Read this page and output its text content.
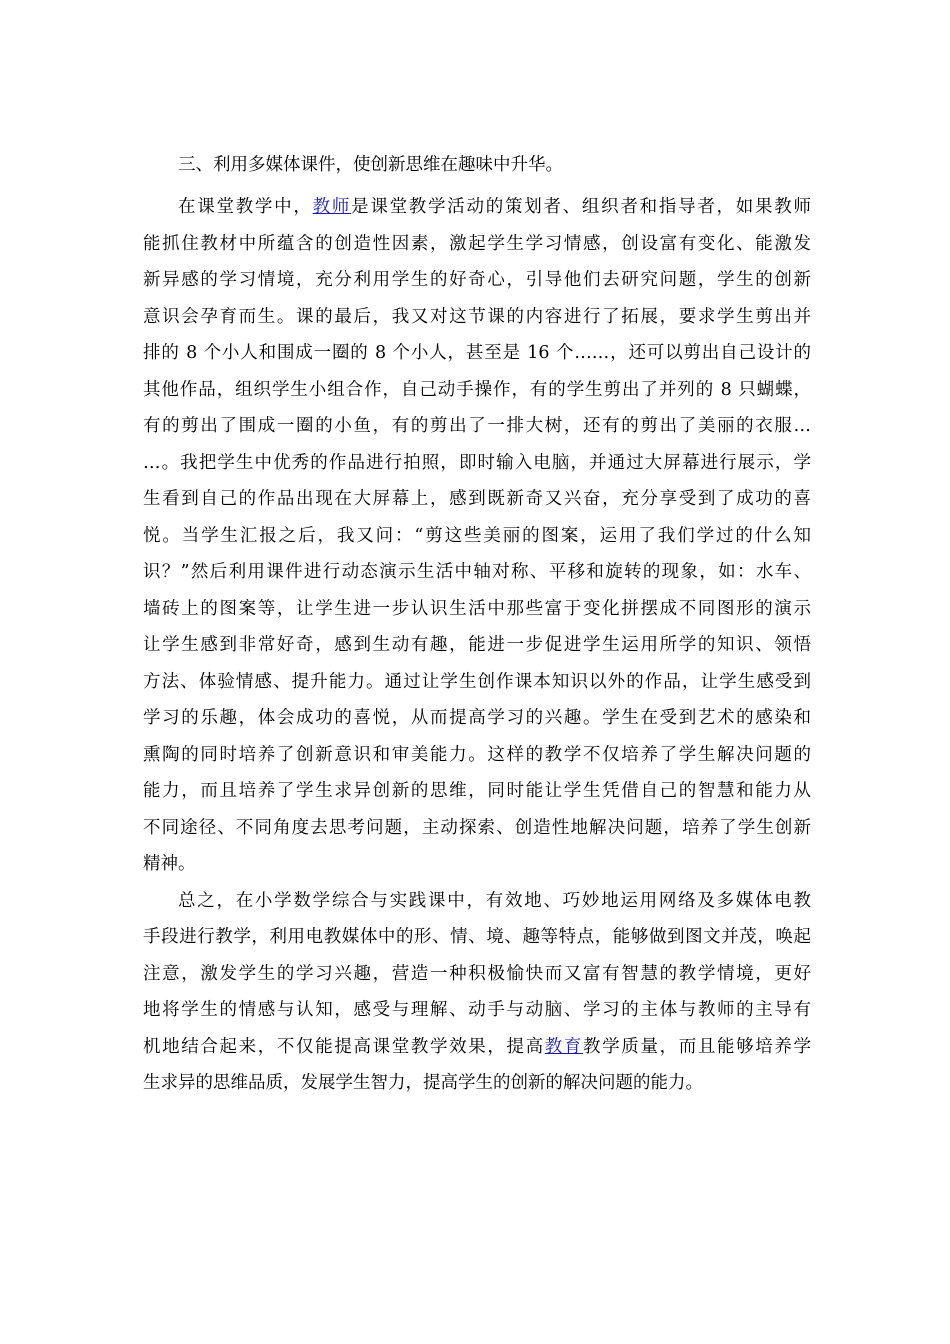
三、利用多媒体课件，使创新思维在趣味中升华。
在课堂教学中，教师是课堂教学活动的策划者、组织者和指导者，如果教师
能抓住教材中所蕴含的创造性因素，激起学生学习情感，创设富有变化、能激发
新异感的学习情境，充分利用学生的好奇心，引导他们去研究问题，学生的创新
意识会孕育而生。课的最后，我又对这节课的内容进行了拓展，要求学生剪出并
排的 8 个小人和围成一圈的 8 个小人，甚至是 16 个……，还可以剪出自己设计的
其他作品，组织学生小组合作，自己动手操作，有的学生剪出了并列的 8 只蝴蝶，
有的剪出了围成一圈的小鱼，有的剪出了一排大树，还有的剪出了美丽的衣服…
…。我把学生中优秀的作品进行拍照，即时输入电脑，并通过大屏幕进行展示，学
生看到自己的作品出现在大屏幕上，感到既新奇又兴奋，充分享受到了成功的喜
悦。当学生汇报之后，我又问：“剪这些美丽的图案，运用了我们学过的什么知
识？”然后利用课件进行动态演示生活中轴对称、平移和旋转的现象，如：水车、
墙砖上的图案等，让学生进一步认识生活中那些富于变化拼摆成不同图形的演示
让学生感到非常好奇，感到生动有趣，能进一步促进学生运用所学的知识、领悟
方法、体验情感、提升能力。通过让学生创作课本知识以外的作品，让学生感受到
学习的乐趣，体会成功的喜悦，从而提高学习的兴趣。学生在受到艺术的感染和
熏陶的同时培养了创新意识和审美能力。这样的教学不仅培养了学生解决问题的
能力，而且培养了学生求异创新的思维，同时能让学生凭借自己的智慧和能力从
不同途径、不同角度去思考问题，主动探索、创造性地解决问题，培养了学生创新
精神。
总之，在小学数学综合与实践课中，有效地、巧妙地运用网络及多媒体电教
手段进行教学，利用电教媒体中的形、情、境、趣等特点，能够做到图文并茂，唤起
注意，激发学生的学习兴趣，营造一种积极愉快而又富有智慧的教学情境，更好
地将学生的情感与认知，感受与理解、动手与动脑、学习的主体与教师的主导有
机地结合起来，不仅能提高课堂教学效果，提高教育教学质量，而且能够培养学
生求异的思维品质，发展学生智力，提高学生的创新的解决问题的能力。
